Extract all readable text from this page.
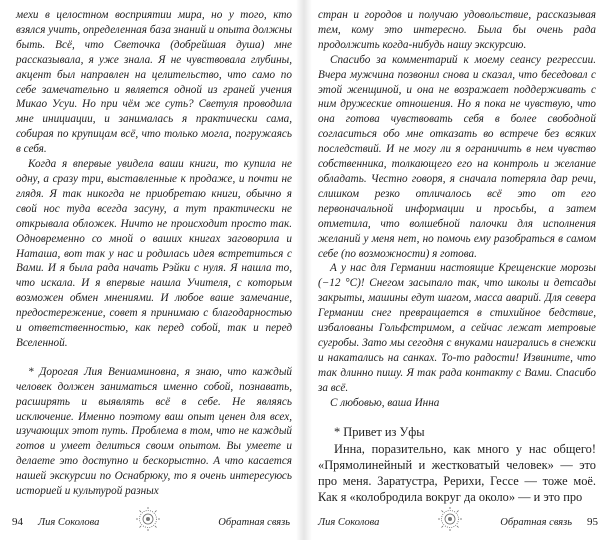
мехи в целостном восприятии мира, но у того, кто взялся учить, определенная база знаний и опыта должны быть. Всё, что Светочка (добрейшая душа) мне рассказывала, я уже знала. Я не чувствовала глубины, акцент был направлен на целительство, что само по себе замечательно и является одной из граней учения Микао Усуи. Но при чём же суть? Светуля проводила мне инициации, и занималась я практически сама, собирая по крупицам всё, что только могла, погружаясь в себя.

Когда я впервые увидела ваши книги, то купила не одну, а сразу три, выставленные к продаже, и почти не глядя. Я так никогда не приобретаю книги, обычно я свой нос туда всегда засуну, а тут практически не открывала обложек. Ничто не происходит просто так. Одновременно со мной о ваших книгах заговорила и Наташа, вот так у нас и родилась идея встретиться с Вами. И я была рада начать Рэйки с нуля. Я нашла то, что искала. И я впервые нашла Учителя, с которым возможен обмен мнениями. И любое ваше замечание, предостережение, совет я принимаю с благодарностью и ответственностью, как перед собой, так и перед Вселенной.

* Дорогая Лия Вениаминовна, я знаю, что каждый человек должен заниматься именно собой, познавать, расширять и выявлять всё в себе. Не являясь исключение. Именно поэтому ваш опыт ценен для всех, изучающих этот путь. Проблема в том, что не каждый готов и умеет делиться своим опытом. Вы умеете и делаете это доступно и бескорыстно. А что касается нашей экскурсии по Оснабрюку, то я очень интересуюсь историей и культурой разных

94 Лия Соколова	Обратная связь

стран и городов и получаю удовольствие, рассказывая тем, кому это интересно. Была бы очень рада продолжить когда-нибудь нашу экскурсию.

Спасибо за комментарий к моему сеансу регрессии. Вчера мужчина позвонил снова и сказал, что беседовал с этой женщиной, и она не возражает поддерживать с ним дружеские отношения. Но я пока не чувствую, что она готова чувствовать себя в более свободной согласиться обо мне отказать во встрече без всяких последствий. И не могу ли я ограничить в нем чувство собственника, толкающего его на контроль и желание обладать. Честно говоря, я сначала потеряла дар речи, слишком резко отличалось всё это от его первоначальной информации и просьбы, а затем отметила, что волшебной палочки для исполнения желаний у меня нет, но помочь ему разобраться в самом себе (по возможности) я готова.

А у нас для Германии настоящие Крещенские морозы (−12 °С)! Снегом засыпало так, что школы и детсады закрыты, машины едут шагом, масса аварий. Для севера Германии снег превращается в стихийное бедствие, избалованы Гольфстримом, а сейчас лежат метровые сугробы. Зато мы сегодня с внуками наигрались в снежки и накатались на санках. То-то радости! Извините, что так длинно пишу. Я так рада контакту с Вами. Спасибо за всё.

С любовью, ваша Инна

* Привет из Уфы

Инна, поразительно, как много у нас общего! «Прямолинейный и жестковатый человек» — это про меня. Заратустра, Рерихи, Гессе — тоже моё. Как я «колобродила вокруг да около» — и это про

Лия Соколова	Обратная связь 95
